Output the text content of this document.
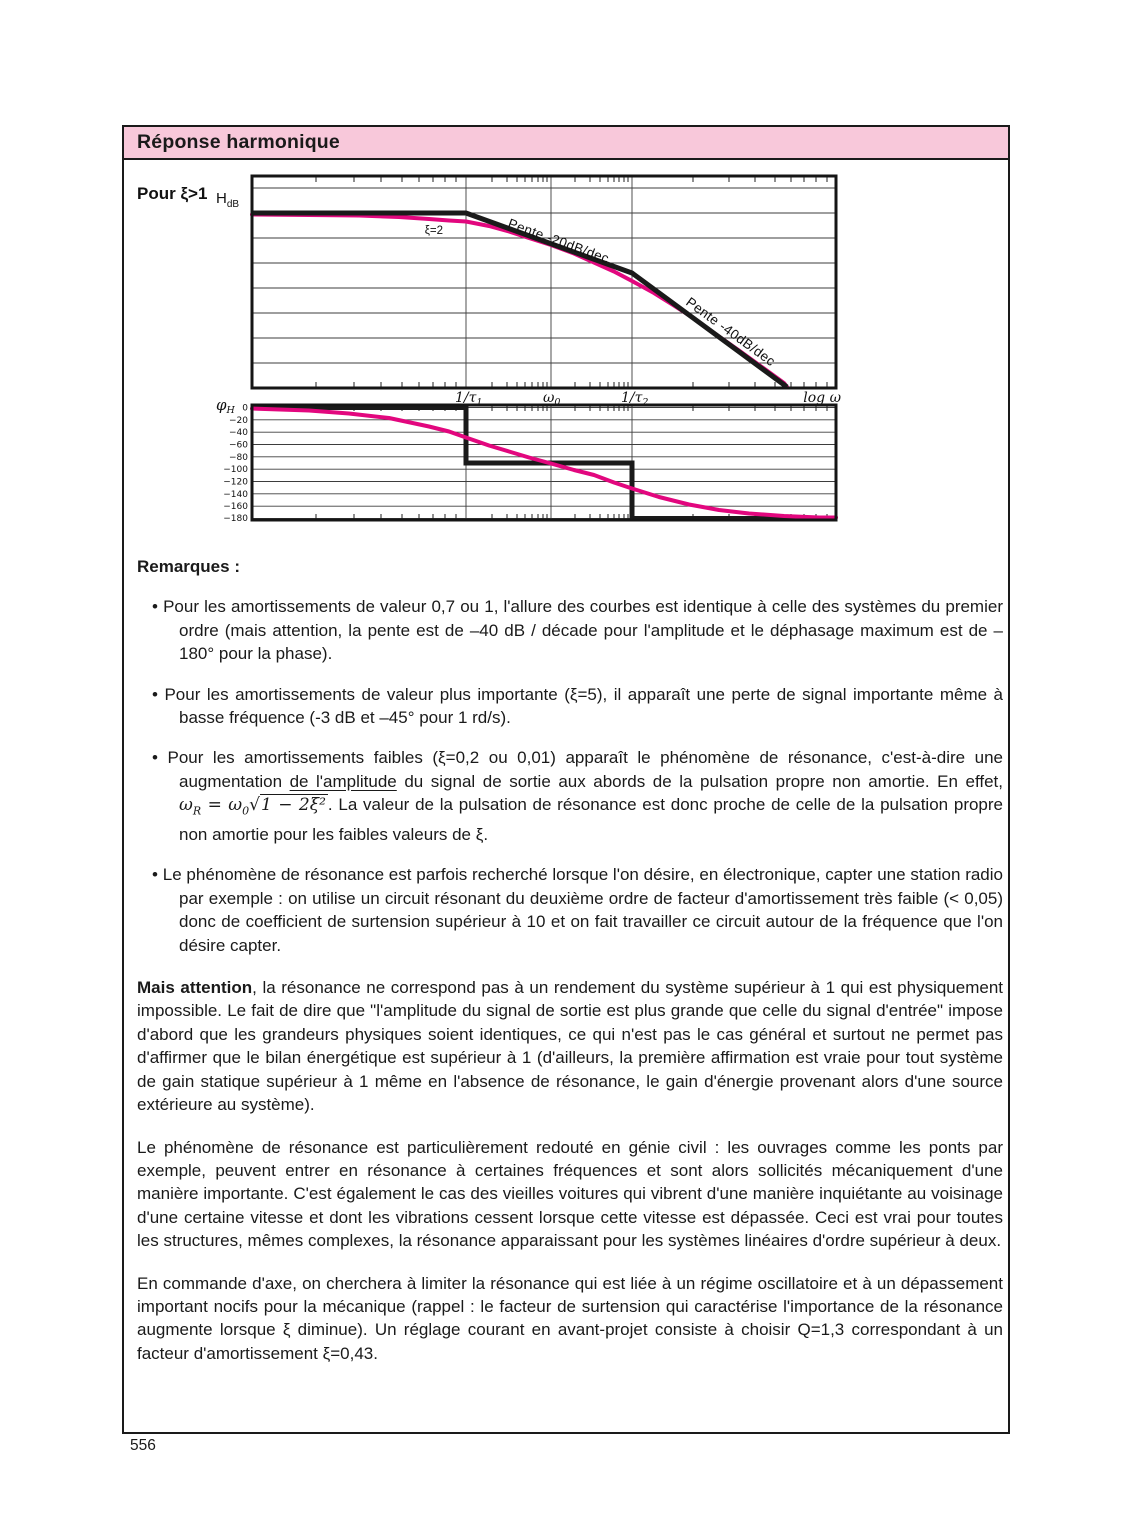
Réponse harmonique
ξ=2	Pente -20dB/dec
Pente -40dB/dec
$H_{dB}$
Pour ξ>1
$1/\tau_1$	$\omega_0$	$1/\tau_2$	log ω
$\varphi_H$ 0
−20
−40
−60
−80
−100
−120
−140
−160
−180
Remarques :
• Pour les amortissements de valeur 0,7 ou 1, l'allure des courbes est identique à celle des systèmes du premier ordre (mais attention, la pente est de –40 dB / décade pour l'amplitude et le déphasage maximum est de –180° pour la phase).
• Pour les amortissements de valeur plus importante (ξ=5), il apparaît une perte de signal importante même à basse fréquence (-3 dB et –45° pour 1 rd/s).
• Pour les amortissements faibles (ξ=0,2 ou 0,01) apparaît le phénomène de résonance, c'est-à-dire une augmentation de l'amplitude du signal de sortie aux abords de la pulsation propre non amortie. En effet, $\omega_R = \omega_0√1 - 2\xi^2$ . La valeur de la pulsation de résonance est donc proche de celle de la pulsation propre non amortie pour les faibles valeurs de ξ.
• Le phénomène de résonance est parfois recherché lorsque l'on désire, en électronique, capter une station radio par exemple : on utilise un circuit résonant du deuxième ordre de facteur d'amortissement très faible (< 0,05) donc de coefficient de surtension supérieur à 10 et on fait travailler ce circuit autour de la fréquence que l'on désire capter.
Mais attention, la résonance ne correspond pas à un rendement du système supérieur à 1 qui est physiquement impossible. Le fait de dire que "l'amplitude du signal de sortie est plus grande que celle du signal d'entrée" impose d'abord que les grandeurs physiques soient identiques, ce qui n'est pas le cas général et surtout ne permet pas d'affirmer que le bilan énergétique est supérieur à 1 (d'ailleurs, la première affirmation est vraie pour tout système de gain statique supérieur à 1 même en l'absence de résonance, le gain d'énergie provenant alors d'une source extérieure au système).
Le phénomène de résonance est particulièrement redouté en génie civil : les ouvrages comme les ponts par exemple, peuvent entrer en résonance à certaines fréquences et sont alors sollicités mécaniquement d'une manière importante. C'est également le cas des vieilles voitures qui vibrent d'une manière inquiétante au voisinage d'une certaine vitesse et dont les vibrations cessent lorsque cette vitesse est dépassée. Ceci est vrai pour toutes les structures, mêmes complexes, la résonance apparaissant pour les systèmes linéaires d'ordre supérieur à deux.
En commande d'axe, on cherchera à limiter la résonance qui est liée à un régime oscillatoire et à un dépassement important nocifs pour la mécanique (rappel : le facteur de surtension qui caractérise l'importance de la résonance augmente lorsque ξ diminue). Un réglage courant en avant-projet consiste à choisir Q=1,3 correspondant à un facteur d'amortissement ξ=0,43.
556
